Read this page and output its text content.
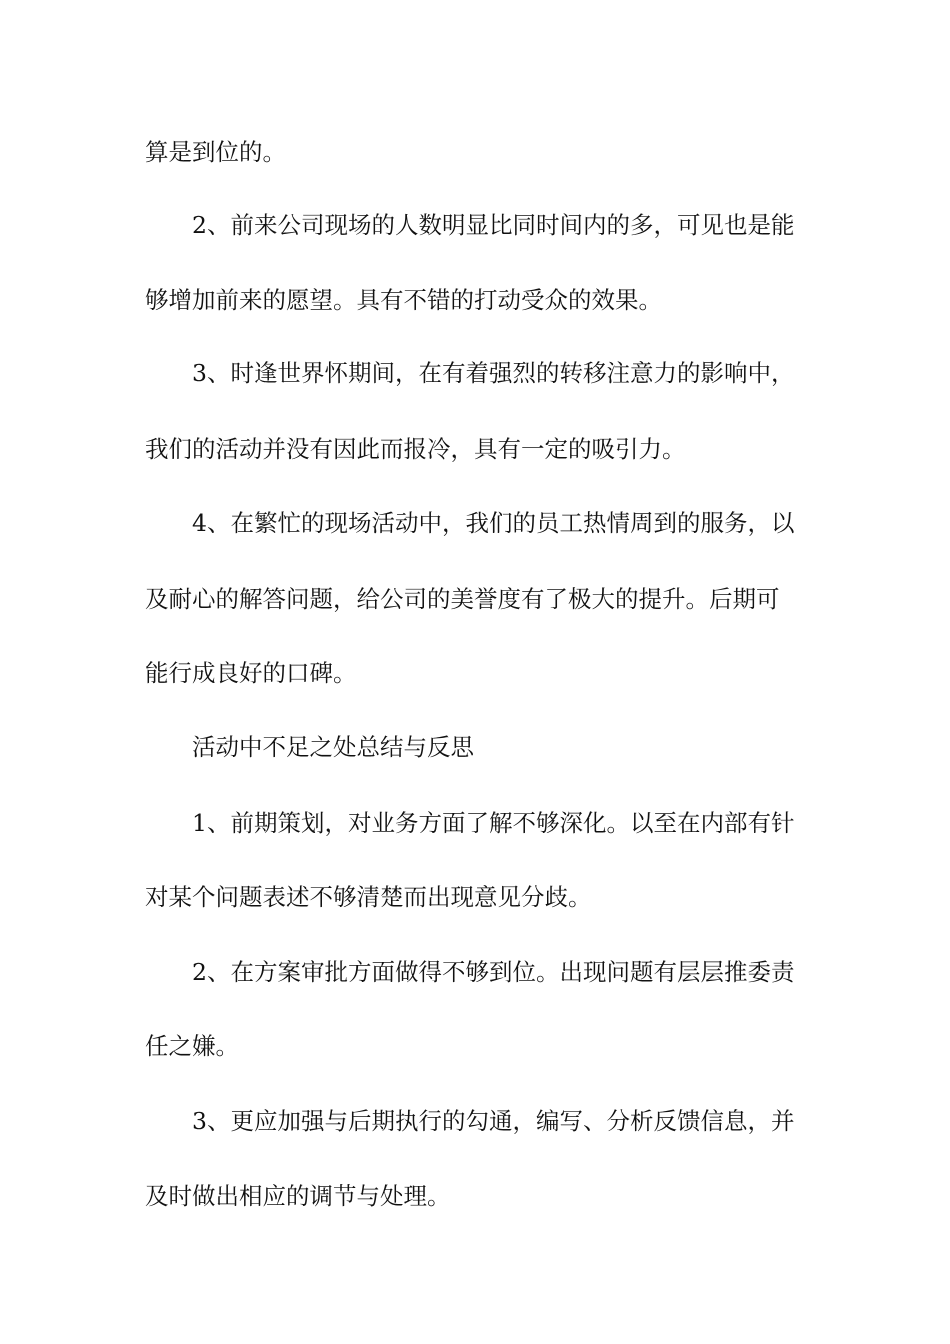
算是到位的。
2、前来公司现场的人数明显比同时间内的多，可见也是能
够增加前来的愿望。具有不错的打动受众的效果。
3、时逢世界怀期间，在有着强烈的转移注意力的影响中，
我们的活动并没有因此而报冷，具有一定的吸引力。
4、在繁忙的现场活动中，我们的员工热情周到的服务，以
及耐心的解答问题，给公司的美誉度有了极大的提升。后期可
能行成良好的口碑。
活动中不足之处总结与反思
1、前期策划，对业务方面了解不够深化。以至在内部有针
对某个问题表述不够清楚而出现意见分歧。
2、在方案审批方面做得不够到位。出现问题有层层推委责
任之嫌。
3、更应加强与后期执行的勾通，编写、分析反馈信息，并
及时做出相应的调节与处理。
